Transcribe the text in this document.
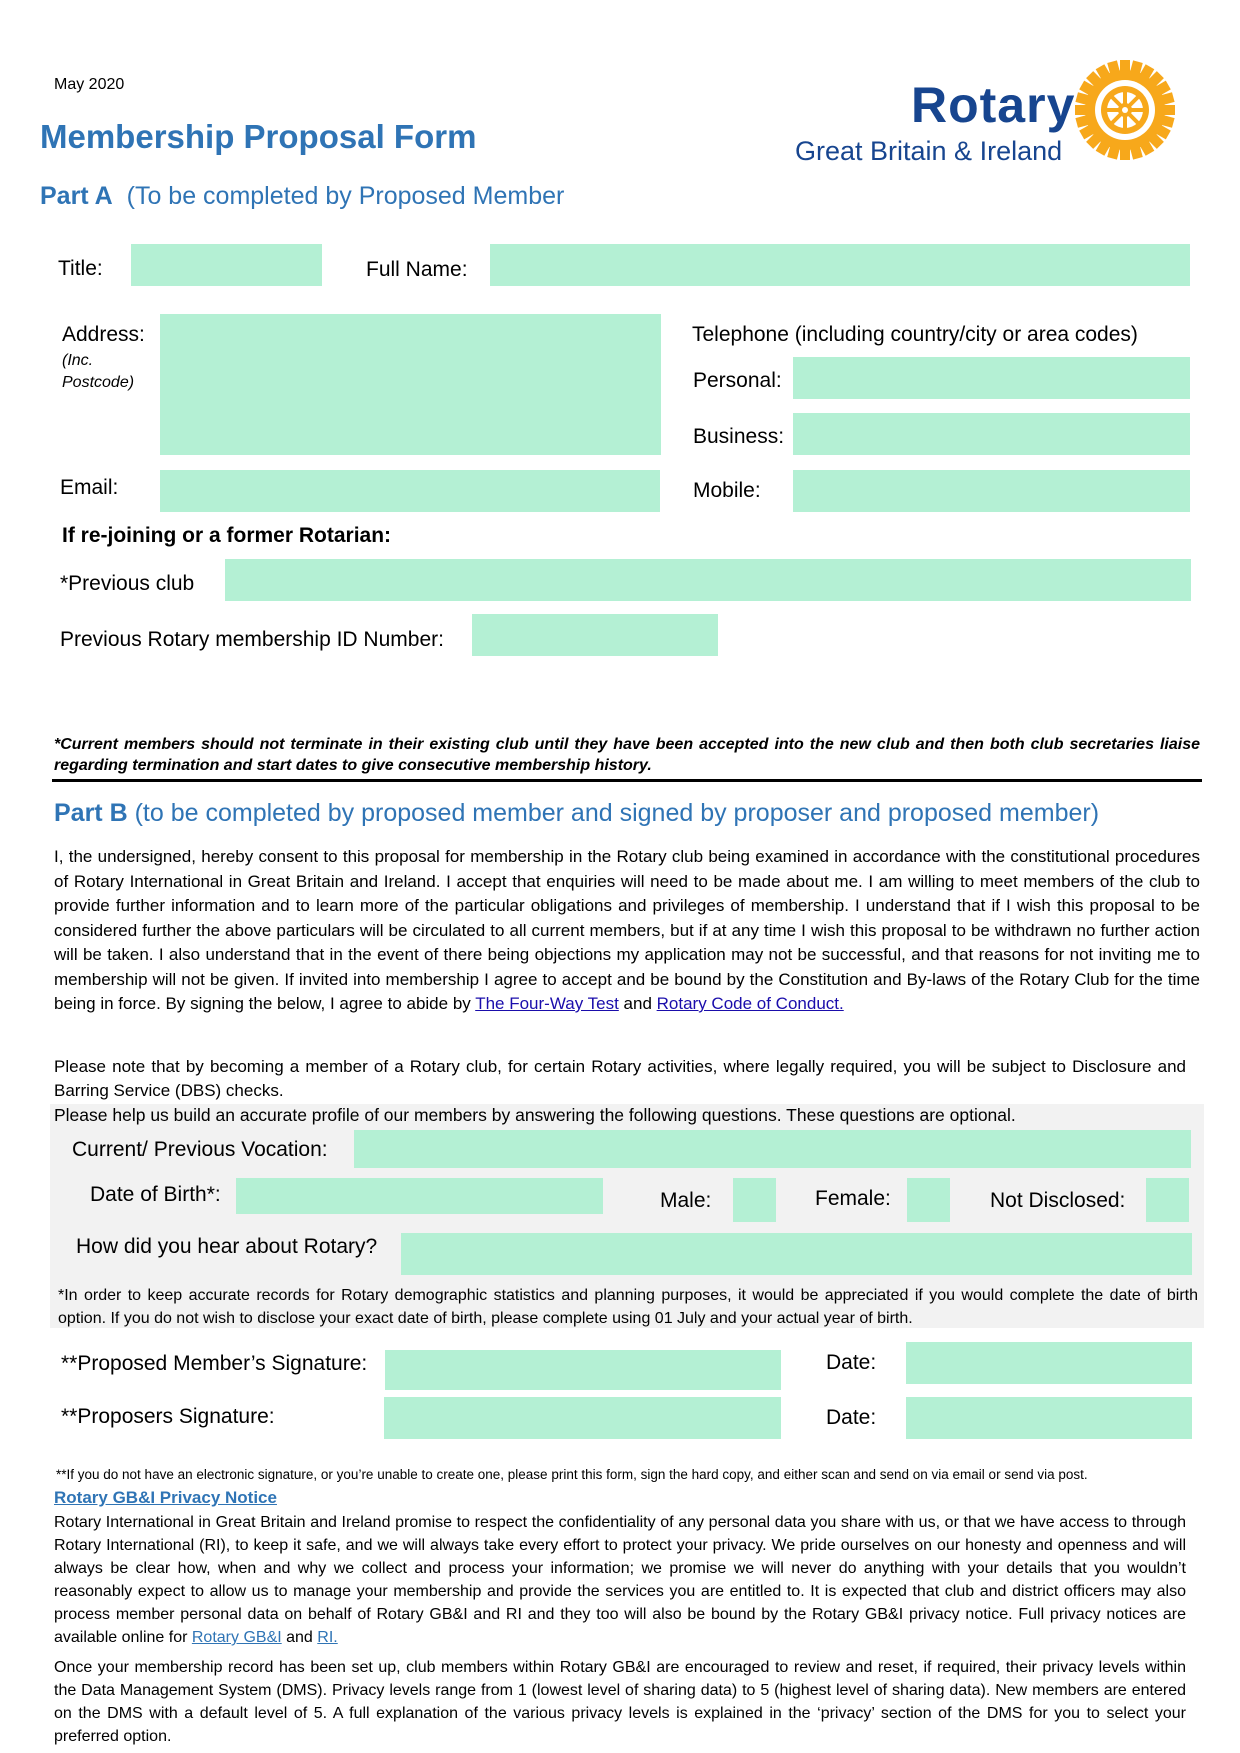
May 2020
Membership Proposal Form
Rotary
Great Britain & Ireland
Part A (To be completed by Proposed Member
Title:	Full Name:
Address:
(Inc.
Postcode)
Telephone (including country/city or area codes)
Personal:
Business:
Email:	Mobile:
If re-joining or a former Rotarian:
*Previous club
Previous Rotary membership ID Number:
*Current members should not terminate in their existing club until they have been accepted into the new club and then both club secretaries liaise regarding termination and start dates to give consecutive membership history.
Part B (to be completed by proposed member and signed by proposer and proposed member)
I, the undersigned, hereby consent to this proposal for membership in the Rotary club being examined in accordance with the constitutional procedures of Rotary International in Great Britain and Ireland. I accept that enquiries will need to be made about me. I am willing to meet members of the club to provide further information and to learn more of the particular obligations and privileges of membership. I understand that if I wish this proposal to be considered further the above particulars will be circulated to all current members, but if at any time I wish this proposal to be withdrawn no further action will be taken. I also understand that in the event of there being objections my application may not be successful, and that reasons for not inviting me to membership will not be given. If invited into membership I agree to accept and be bound by the Constitution and By-laws of the Rotary Club for the time being in force. By signing the below, I agree to abide by The Four-Way Test and Rotary Code of Conduct.
Please note that by becoming a member of a Rotary club, for certain Rotary activities, where legally required, you will be subject to Disclosure and Barring Service (DBS) checks.
Please help us build an accurate profile of our members by answering the following questions. These questions are optional.
Current/ Previous Vocation:
Date of Birth*:	Male:	Female:	Not Disclosed:
How did you hear about Rotary?
*In order to keep accurate records for Rotary demographic statistics and planning purposes, it would be appreciated if you would complete the date of birth option. If you do not wish to disclose your exact date of birth, please complete using 01 July and your actual year of birth.
**Proposed Member’s Signature:	Date:
**Proposers Signature:	Date:
**If you do not have an electronic signature, or you’re unable to create one, please print this form, sign the hard copy, and either scan and send on via email or send via post.
Rotary GB&I Privacy Notice
Rotary International in Great Britain and Ireland promise to respect the confidentiality of any personal data you share with us, or that we have access to through Rotary International (RI), to keep it safe, and we will always take every effort to protect your privacy. We pride ourselves on our honesty and openness and will always be clear how, when and why we collect and process your information; we promise we will never do anything with your details that you wouldn’t reasonably expect to allow us to manage your membership and provide the services you are entitled to. It is expected that club and district officers may also process member personal data on behalf of Rotary GB&I and RI and they too will also be bound by the Rotary GB&I privacy notice. Full privacy notices are available online for Rotary GB&I and RI.
Once your membership record has been set up, club members within Rotary GB&I are encouraged to review and reset, if required, their privacy levels within the Data Management System (DMS). Privacy levels range from 1 (lowest level of sharing data) to 5 (highest level of sharing data). New members are entered on the DMS with a default level of 5. A full explanation of the various privacy levels is explained in the ‘privacy’ section of the DMS for you to select your preferred option.
